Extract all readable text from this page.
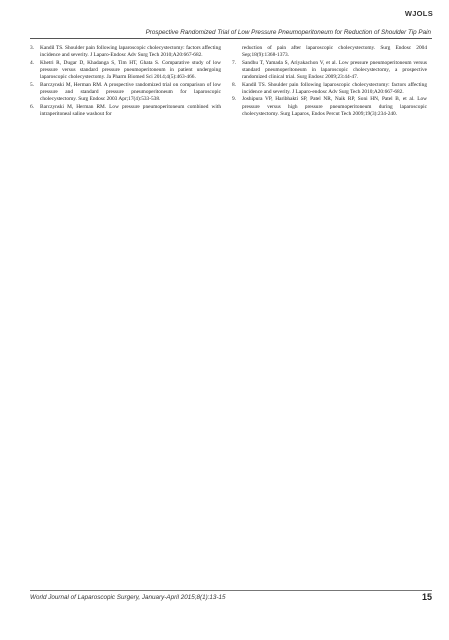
WJOLS
Prospective Randomized Trial of Low Pressure Pneumoperitoneum for Reduction of Shoulder Tip Pain

3.	Kandil TS. Shoulder pain following laparoscopic cholecystectomy: factors affecting incidence and severity. J Laparo-Endosc Adv Surg Tech 2010;A20:667-682.

4.	Khetri R, Dugar D, Khadanga S, Tim HT, Ghata S. Comparative study of low pressure versus standard pressure pneumoperitoneum in patient undergoing laparoscopic cholecystectomy. Ja Pharm Biomed Sci 2014;4(5):463-466.

5.	Barczynski M, Herman RM. A prospective randomized trial on comparison of low pressure and standard pressure pneumoperitoneum for laparoscopic cholecystectomy. Surg Endosc 2003 Apr;17(4):533-538.

6.	Barczynski M, Herman RM. Low pressure pneumoperitoneum combined with intraperitoneal saline washout for

reduction of pain after laparoscopic cholecystectomy. Surg Endosc 2004 Sep;18(9):1368-1373.

7.	Sandhu T, Yamada S, Ariyakachon V, et al. Low pressure pneumoperitoneum versus standard pneumoperitoneum in laparoscopic cholecystectomy, a prospective randomized clinical trial. Surg Endosc 2009;23:44-47.

8.	Kandil TS. Shoulder pain following laparoscopic cholecystectomy: factors affecting incidence and severity. J Laparo-endosc Adv Surg Tech 2010;A20:667-682.

9.	Joshipura VP, Haribhakti SP, Patel NR, Naik RP, Soni HN, Patel B, et al. Low pressure versus high pressure pneumoperitoneum during laparoscopic cholecystectomy. Surg Laparos, Endos Percut Tech 2009;19(3):234-240.

World Journal of Laparoscopic Surgery, January-April 2015;8(1):13-15	15
